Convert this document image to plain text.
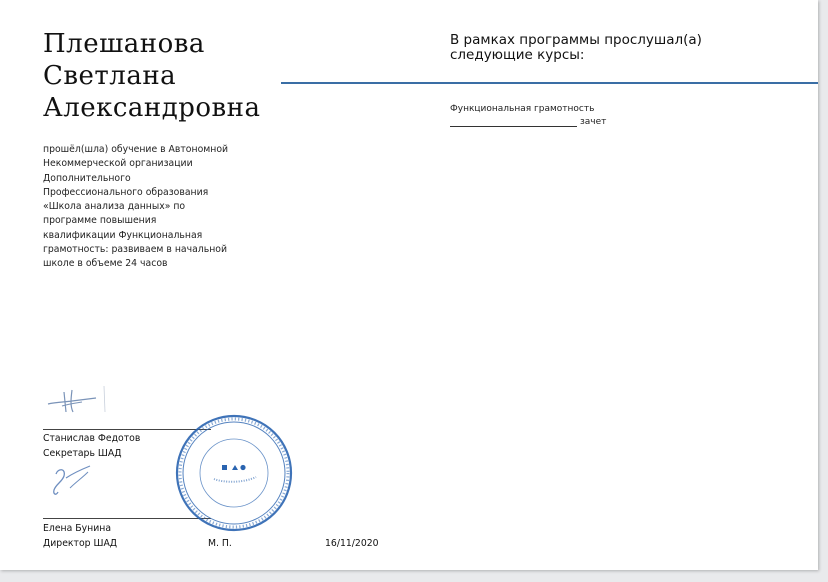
Плешанова
Светлана
Александровна
прошёл(шла) обучение в Автономной
Некоммерческой организации
Дополнительного
Профессионального образования
«Школа анализа данных» по
программе повышения
квалификации Функциональная
грамотность: развиваем в начальной
школе в объеме 24 часов
В рамках программы прослушал(а)
следующие курсы:
Функциональная грамотность
зачет
Станислав Федотов
Секретарь ШАД
Елена Бунина
Директор ШАД	М. П.	16/11/2020
